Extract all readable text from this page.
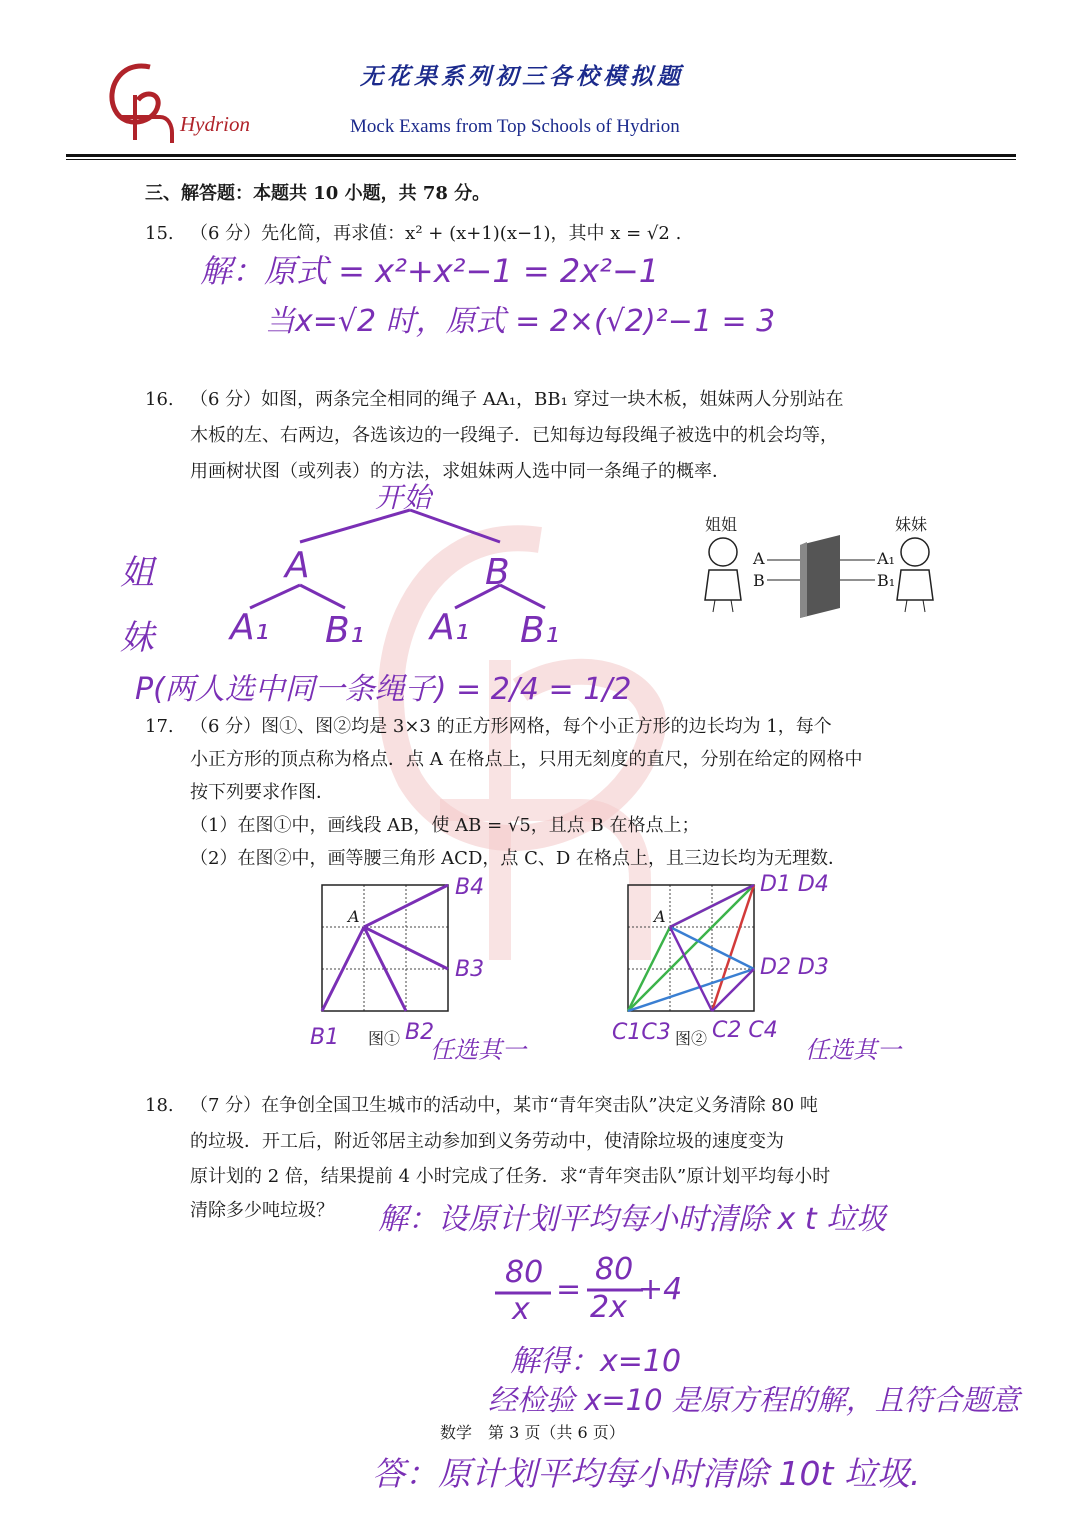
Hydrion
无花果系列初三各校模拟题
Mock Exams from Top Schools of Hydrion
三、解答题：本题共 10 小题，共 78 分。
15. （6 分）先化简，再求值：x² + (x+1)(x−1)，其中 x = √2 .
解：原式 = x²+x²−1 = 2x²−1
当x=√2 时，原式 = 2×(√2)²−1 = 3
16. （6 分）如图，两条完全相同的绳子 AA₁，BB₁ 穿过一块木板，姐妹两人分别站在
木板的左、右两边，各选该边的一段绳子．已知每边每段绳子被选中的机会均等，
用画树状图（或列表）的方法，求姐妹两人选中同一条绳子的概率．
开始
姐
妹
A	B
A₁ B₁ A₁ B₁
P(两人选中同一条绳子) = 2/4 = 1/2
姐姐	妹妹
A
B
A₁
B₁
17. （6 分）图①、图②均是 3×3 的正方形网格，每个小正方形的边长均为 1，每个
小正方形的顶点称为格点．点 A 在格点上，只用无刻度的直尺，分别在给定的网格中
按下列要求作图．
（1）在图①中，画线段 AB，使 AB = √5，且点 B 在格点上；
（2）在图②中，画等腰三角形 ACD，点 C、D 在格点上，且三边长均为无理数．
A
B4
B3
B1	B2
图① 任选其一
A
D1 D4
D2 D3
C1C3 图② C2 C4
任选其一
18. （7 分）在争创全国卫生城市的活动中，某市“青年突击队”决定义务清除 80 吨
的垃圾．开工后，附近邻居主动参加到义务劳动中，使清除垃圾的速度变为
原计划的 2 倍，结果提前 4 小时完成了任务．求“青年突击队”原计划平均每小时
清除多少吨垃圾？ 解：设原计划平均每小时清除 x t 垃圾
80
x
=
80
2x
+4
解得：x=10
经检验 x=10 是原方程的解，且符合题意
数学　第 3 页（共 6 页）
答：原计划平均每小时清除 10t 垃圾.
